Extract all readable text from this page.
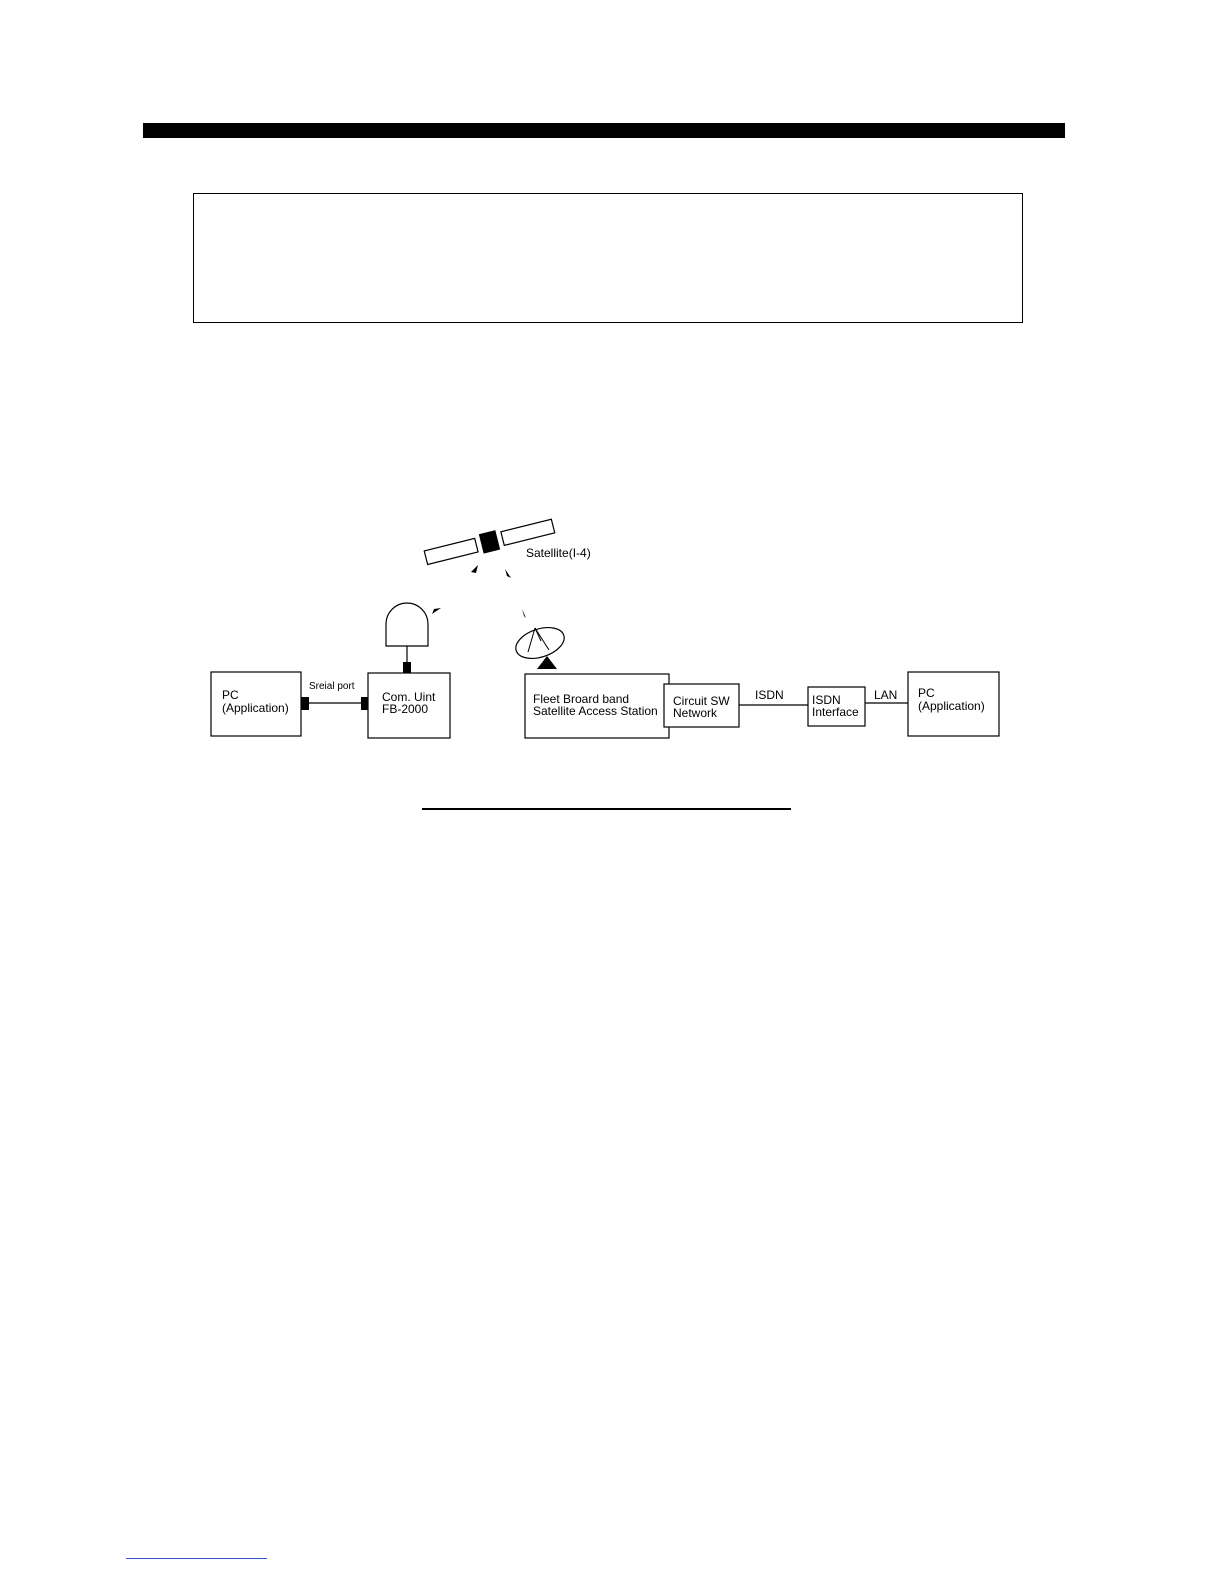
Satellite(I-4)
PC
(Application)
Sreial port
Com. Uint
FB-2000
Fleet Broard band
Satellite Access Station
Circuit SW
Network
ISDN ISDN
Interface
LAN PC
(Application)
